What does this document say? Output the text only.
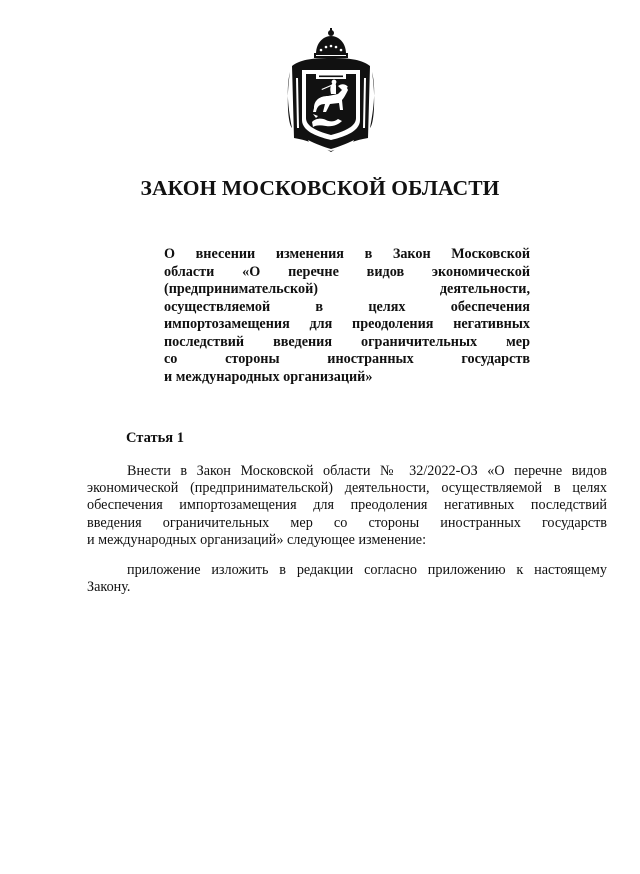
ЗАКОН МОСКОВСКОЙ ОБЛАСТИ
О внесении изменения в Закон Московской
области «О перечне видов экономической
(предпринимательской) деятельности,
осуществляемой в целях обеспечения
импортозамещения для преодоления негативных
последствий введения ограничительных мер
со стороны иностранных государств
и международных организаций»
Статья 1
Внести в Закон Московской области № 32/2022-ОЗ «О перечне видов
экономической (предпринимательской) деятельности, осуществляемой в целях
обеспечения импортозамещения для преодоления негативных последствий
введения ограничительных мер со стороны иностранных государств
и международных организаций» следующее изменение:
приложение изложить в редакции согласно приложению к настоящему
Закону.
